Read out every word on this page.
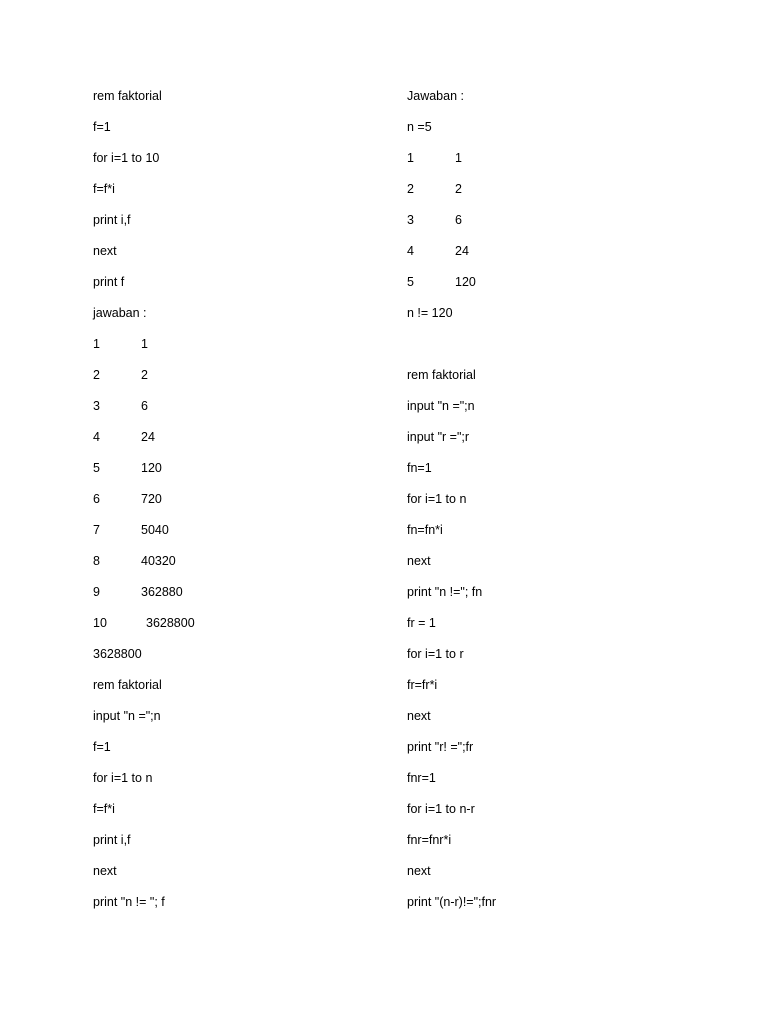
rem faktorial
f=1
for i=1 to 10
f=f*i
print i,f
next
print f
jawaban :
1	1
2	2
3	6
4	24
5	120
6	720
7	5040
8	40320
9	362880
10	3628800
3628800
rem faktorial
input "n =";n
f=1
for i=1 to n
f=f*i
print i,f
next
print "n != "; f
Jawaban :
n =5
1	1
2	2
3	6
4	24
5	120
n != 120
rem faktorial
input "n =";n
input "r =";r
fn=1
for i=1 to n
fn=fn*i
next
print "n !="; fn
fr = 1
for i=1 to r
fr=fr*i
next
print "r! =";fr
fnr=1
for i=1 to n-r
fnr=fnr*i
next
print "(n-r)!=";fnr
